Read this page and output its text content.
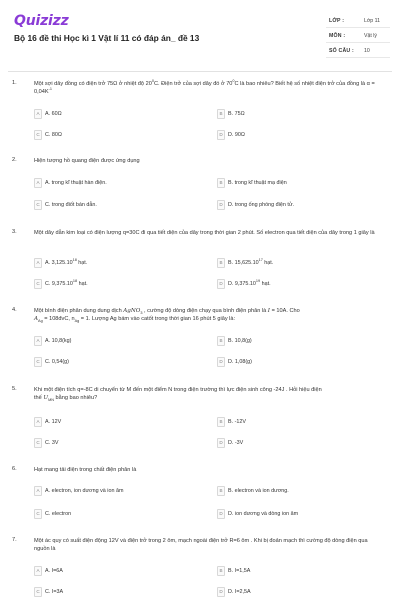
Quizizz
Bộ 16 đề thi Học kì 1 Vật lí 11 có đáp án_ đề 13
LỚP :	Lớp 11
MÔN :	Vật lý
SỐ CÂU : 10
1.	Một sợi dây đồng có điện trở 75Ω ở nhiệt độ $20^0C$. Điện trở của sợi dây đó ở $70^0C$ là bao nhiêu? Biết hệ số nhiệt điện trở của đồng là $\alpha = 0,04K^{-1}$
A	A. 60Ω	B	B. 75Ω
C C. 80Ω	D D. 90Ω
2.	Hiện tượng hồ quang điện được ứng dụng
A	A. trong kĩ thuật hàn điện.	B	B. trong kĩ thuật mạ điện
C C. trong điốt bán dẫn.	D D. trong ống phóng điện tử.
3.	Một dây dẫn kim loại có điện lượng q=30C đi qua tiết diện của dây trong thời gian 2 phút. Số electron qua tiết diện của dây trong 1 giây là
A	A. 3,125.10$^{18}$ hạt.	B	B. 15,625.10$^{17}$ hạt.
C C. 9,375.10$^{18}$ hạt.	D D. 9,375.10$^{19}$ hạt.
4.	Một bình điện phân dung dung dịch AgNO$_3$ , cường độ dòng điện chạy qua bình điện phân là I = 10A. Cho
$A_{Ag}$ = 108đvC, $n_{Ag} = 1$. Lượng Ag bám vào catốt trong thời gian 16 phút 5 giây là:
A	A. 10,8(kg)	B	B. 10,8(g)
C C. 0,54(g)	D D. 1,08(g)
5.	Khi một điện tích q=-8C di chuyển từ M đến một điểm N trong điện trường thì lực điện sinh công -24J . Hỏi hiệu điện
thế $U_{MN}$ bằng bao nhiêu?
A	A. 12V	B	B. -12V
C C. 3V	D D. -3V
6.	Hạt mang tải điện trong chất điện phân là
A	A. electron, ion dương và ion âm	B	B. electron và ion dương.
C C. electron	D D. ion dương và dòng ion âm
7.	Một ác quy có suất điện động 12V và điện trở trong 2 ôm, mạch ngoài điện trở R=6 ôm . Khi bị đoản mạch thì cường độ dòng điện qua nguồn là
A	A. I=6A	B	B. I=1,5A
C C. I=3A	D D. I=2,5A
